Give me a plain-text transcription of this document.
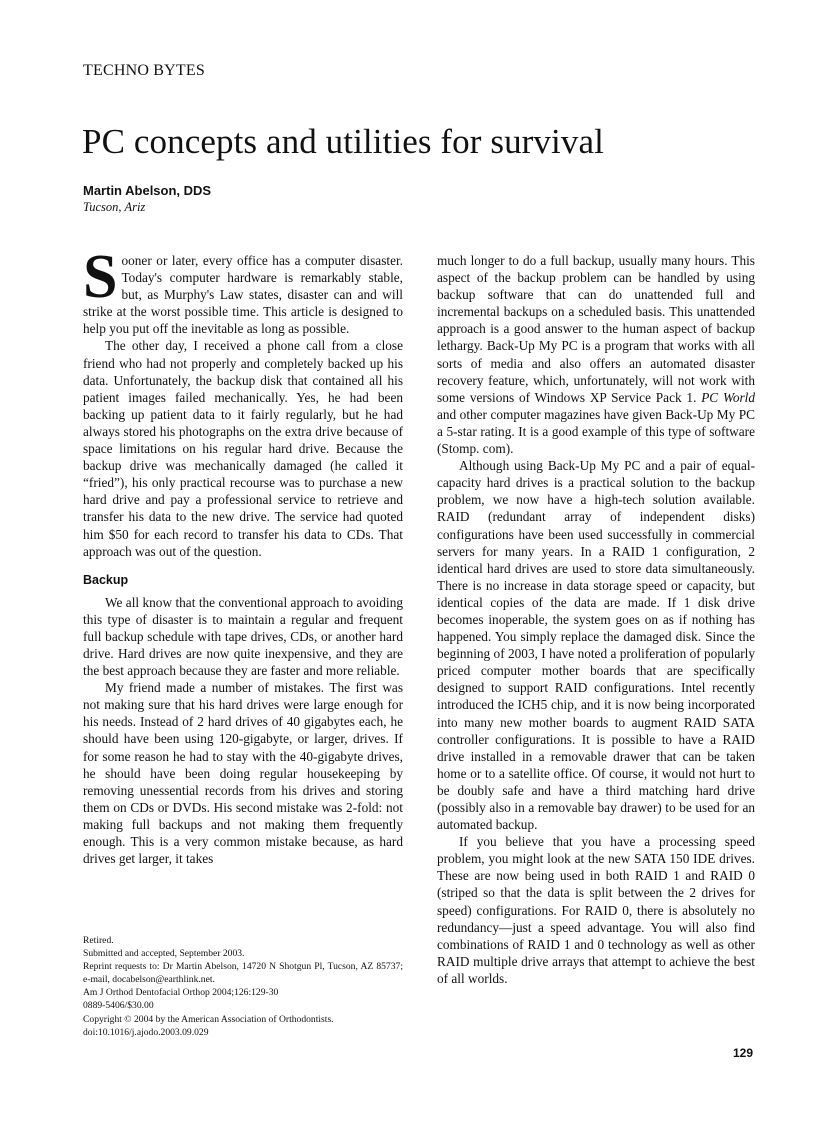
TECHNO BYTES
PC concepts and utilities for survival
Martin Abelson, DDS
Tucson, Ariz

Sooner or later, every office has a computer disaster. Today's computer hardware is remarkably stable, but, as Murphy's Law states, disaster can and will strike at the worst possible time. This article is designed to help you put off the inevitable as long as possible.

The other day, I received a phone call from a close friend who had not properly and completely backed up his data. Unfortunately, the backup disk that contained all his patient images failed mechanically. Yes, he had been backing up patient data to it fairly regularly, but he had always stored his photographs on the extra drive because of space limitations on his regular hard drive. Because the backup drive was mechanically damaged (he called it “fried”), his only practical recourse was to purchase a new hard drive and pay a professional service to retrieve and transfer his data to the new drive. The service had quoted him $50 for each record to transfer his data to CDs. That approach was out of the question.

Backup

We all know that the conventional approach to avoiding this type of disaster is to maintain a regular and frequent full backup schedule with tape drives, CDs, or another hard drive. Hard drives are now quite inexpensive, and they are the best approach because they are faster and more reliable.

My friend made a number of mistakes. The first was not making sure that his hard drives were large enough for his needs. Instead of 2 hard drives of 40 gigabytes each, he should have been using 120-gigabyte, or larger, drives. If for some reason he had to stay with the 40-gigabyte drives, he should have been doing regular housekeeping by removing unessential records from his drives and storing them on CDs or DVDs. His second mistake was 2-fold: not making full backups and not making them frequently enough. This is a very common mistake because, as hard drives get larger, it takes

Retired.
Submitted and accepted, September 2003.
Reprint requests to: Dr Martin Abelson, 14720 N Shotgun Pl, Tucson, AZ 85737; e-mail, docabelson@earthlink.net.
Am J Orthod Dentofacial Orthop 2004;126:129-30
0889-5406/$30.00
Copyright © 2004 by the American Association of Orthodontists.
doi:10.1016/j.ajodo.2003.09.029

much longer to do a full backup, usually many hours. This aspect of the backup problem can be handled by using backup software that can do unattended full and incremental backups on a scheduled basis. This unattended approach is a good answer to the human aspect of backup lethargy. Back-Up My PC is a program that works with all sorts of media and also offers an automated disaster recovery feature, which, unfortunately, will not work with some versions of Windows XP Service Pack 1. PC World and other computer magazines have given Back-Up My PC a 5-star rating. It is a good example of this type of software (Stomp. com).

Although using Back-Up My PC and a pair of equal-capacity hard drives is a practical solution to the backup problem, we now have a high-tech solution available. RAID (redundant array of independent disks) configurations have been used successfully in commercial servers for many years. In a RAID 1 configuration, 2 identical hard drives are used to store data simultaneously. There is no increase in data storage speed or capacity, but identical copies of the data are made. If 1 disk drive becomes inoperable, the system goes on as if nothing has happened. You simply replace the damaged disk. Since the beginning of 2003, I have noted a proliferation of popularly priced computer mother boards that are specifically designed to support RAID configurations. Intel recently introduced the ICH5 chip, and it is now being incorporated into many new mother boards to augment RAID SATA controller configurations. It is possible to have a RAID drive installed in a removable drawer that can be taken home or to a satellite office. Of course, it would not hurt to be doubly safe and have a third matching hard drive (possibly also in a removable bay drawer) to be used for an automated backup.

If you believe that you have a processing speed problem, you might look at the new SATA 150 IDE drives. These are now being used in both RAID 1 and RAID 0 (striped so that the data is split between the 2 drives for speed) configurations. For RAID 0, there is absolutely no redundancy—just a speed advantage. You will also find combinations of RAID 1 and 0 technology as well as other RAID multiple drive arrays that attempt to achieve the best of all worlds.

129
